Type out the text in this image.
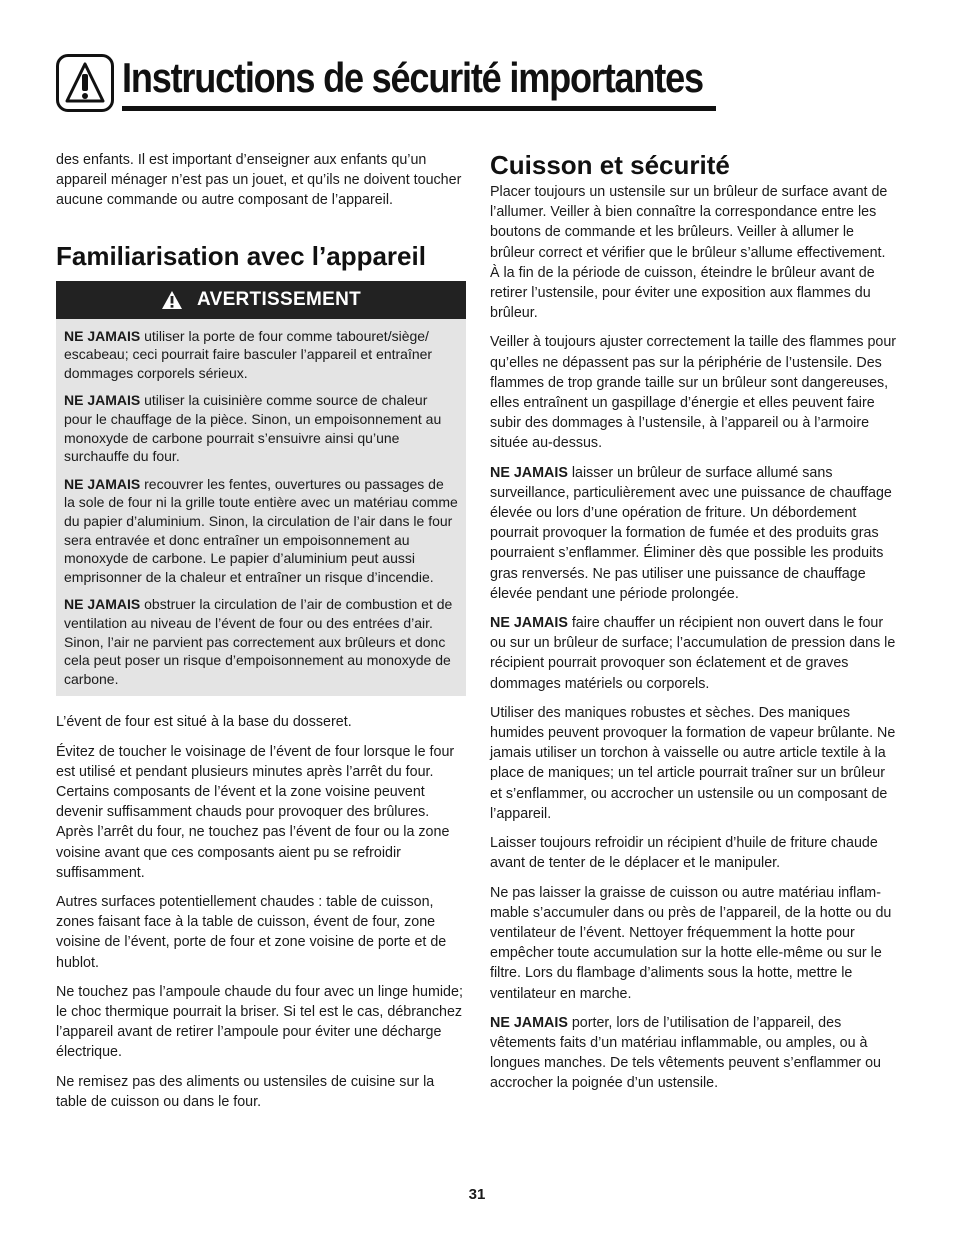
Instructions de sécurité importantes

des enfants. Il est important d’enseigner aux enfants qu’un appareil ménager n’est pas un jouet, et qu’ils ne doivent toucher aucune commande ou autre composant de l’appareil.

Familiarisation avec l’appareil
AVERTISSEMENT

NE JAMAIS utiliser la porte de four comme tabouret/siège/ escabeau; ceci pourrait faire basculer l’appareil et entraîner dommages corporels sérieux.

NE JAMAIS utiliser la cuisinière comme source de chaleur pour le chauffage de la pièce. Sinon, un empoisonnement au monoxyde de carbone pourrait s’ensuivre ainsi qu’une surchauffe du four.

NE JAMAIS recouvrer les fentes, ouvertures ou passages de la sole de four ni la grille toute entière avec un matériau comme du papier d’aluminium. Sinon, la circulation de l’air dans le four sera entravée et donc entraîner un empoisonnement au monoxyde de carbone. Le papier d’aluminium peut aussi emprisonner de la chaleur et entraîner un risque d’incendie.

NE JAMAIS obstruer la circulation de l’air de combustion et de ventilation au niveau de l’évent de four ou des entrées d’air. Sinon, l’air ne parvient pas correctement aux brûleurs et donc cela peut poser un risque d’empoisonnement au monoxyde de carbone.

L’évent de four est situé à la base du dosseret.

Évitez de toucher le voisinage de l’évent de four lorsque le four est utilisé et pendant plusieurs minutes après l’arrêt du four. Certains composants de l’évent et la zone voisine peuvent devenir suffisamment chauds pour provoquer des brûlures. Après l’arrêt du four, ne touchez pas l’évent de four ou la zone voisine avant que ces composants aient pu se refroidir suffisamment.

Autres surfaces potentiellement chaudes : table de cuisson, zones faisant face à la table de cuisson, évent de four, zone voisine de l’évent, porte de four et zone voisine de porte et de hublot.

Ne touchez pas l’ampoule chaude du four avec un linge humide; le choc thermique pourrait la briser. Si tel est le cas, débranchez l’appareil avant de retirer l’ampoule pour éviter une décharge électrique.

Ne remisez pas des aliments ou ustensiles de cuisine sur la table de cuisson ou dans le four.

Cuisson et sécurité

Placer toujours un ustensile sur un brûleur de surface avant de l’allumer. Veiller à bien connaître la correspondance entre les boutons de commande et les brûleurs. Veiller à allumer le brûleur correct et vérifier que le brûleur s’allume effectivement. À la fin de la période de cuisson, éteindre le brûleur avant de retirer l’ustensile, pour éviter une exposition aux flammes du brûleur.

Veiller à toujours ajuster correctement la taille des flammes pour qu’elles ne dépassent pas sur la périphérie de l’ustensile. Des flammes de trop grande taille sur un brûleur sont dangereuses, elles entraînent un gaspillage d’énergie et elles peuvent faire subir des dommages à l’ustensile, à l’appareil ou à l’armoire située au-dessus.

NE JAMAIS laisser un brûleur de surface allumé sans surveillance, particulièrement avec une puissance de chauffage élevée ou lors d’une opération de friture. Un débordement pourrait provoquer la formation de fumée et des produits gras pourraient s’enflammer. Éliminer dès que possible les produits gras renversés. Ne pas utiliser une puissance de chauffage élevée pendant une période prolongée.

NE JAMAIS faire chauffer un récipient non ouvert dans le four ou sur un brûleur de surface; l’accumulation de pression dans le récipient pourrait provoquer son éclatement et de graves dommages matériels ou corporels.

Utiliser des maniques robustes et sèches. Des maniques humides peuvent provoquer la formation de vapeur brûlante. Ne jamais utiliser un torchon à vaisselle ou autre article textile à la place de maniques; un tel article pourrait traîner sur un brûleur et s’enflammer, ou accrocher un ustensile ou un composant de l’appareil.

Laisser toujours refroidir un récipient d’huile de friture chaude avant de tenter de le déplacer et le manipuler.

Ne pas laisser la graisse de cuisson ou autre matériau inflam-mable s’accumuler dans ou près de l’appareil, de la hotte ou du ventilateur de l’évent. Nettoyer fréquemment la hotte pour empêcher toute accumulation sur la hotte elle-même ou sur le filtre. Lors du flambage d’aliments sous la hotte, mettre le ventilateur en marche.

NE JAMAIS porter, lors de l’utilisation de l’appareil, des vêtements faits d’un matériau inflammable, ou amples, ou à longues manches. De tels vêtements peuvent s’enflammer ou accrocher la poignée d’un ustensile.

31
